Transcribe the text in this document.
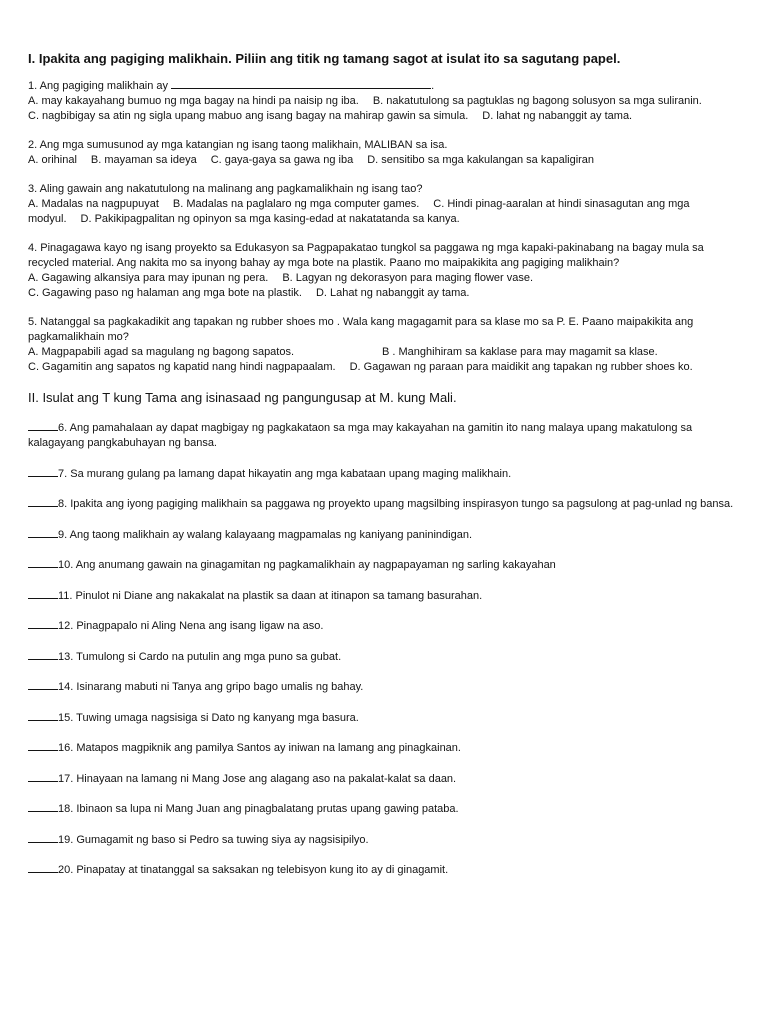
I. Ipakita ang pagiging malikhain. Piliin ang titik ng tamang sagot at isulat ito sa sagutang papel.
1. Ang pagiging malikhain ay	.
A. may kakayahang bumuo ng mga bagay na hindi pa naisip ng iba. B. nakatutulong sa pagtuklas ng bagong solusyon sa mga suliranin.
C. nagbibigay sa atin ng sigla upang mabuo ang isang bagay na mahirap gawin sa simula. D. lahat ng nabanggit ay tama.
2. Ang mga sumusunod ay mga katangian ng isang taong malikhain, MALIBAN sa isa.
A. orihinal B. mayaman sa ideya C. gaya-gaya sa gawa ng iba D. sensitibo sa mga kakulangan sa kapaligiran
3. Aling gawain ang nakatutulong na malinang ang pagkamalikhain ng isang tao?
A. Madalas na nagpupuyat B. Madalas na paglalaro ng mga computer games. C. Hindi pinag-aaralan at hindi sinasagutan ang mga modyul. D. Pakikipagpalitan ng opinyon sa mga kasing-edad at nakatatanda sa kanya.
4. Pinagagawa kayo ng isang proyekto sa Edukasyon sa Pagpapakatao tungkol sa paggawa ng mga kapaki-pakinabang na bagay mula sa recycled material. Ang nakita mo sa inyong bahay ay mga bote na plastik. Paano mo maipakikita ang pagiging malikhain?
A. Gagawing alkansiya para may ipunan ng pera. B. Lagyan ng dekorasyon para maging flower vase.
C. Gagawing paso ng halaman ang mga bote na plastik. D. Lahat ng nabanggit ay tama.
5. Natanggal sa pagkakadikit ang tapakan ng rubber shoes mo . Wala kang magagamit para sa klase mo sa P. E. Paano maipakikita ang pagkamalikhain mo?
A. Magpapabili agad sa magulang ng bagong sapatos.	B . Manghihiram sa kaklase para may magamit sa klase.
C. Gagamitin ang sapatos ng kapatid nang hindi nagpapaalam. D. Gagawan ng paraan para maidikit ang tapakan ng rubber shoes ko.
II. Isulat ang T kung Tama ang isinasaad ng pangungusap at M. kung Mali.
6. Ang pamahalaan ay dapat magbigay ng pagkakataon sa mga may kakayahan na gamitin ito nang malaya upang makatulong sa kalagayang pangkabuhayan ng bansa.
7. Sa murang gulang pa lamang dapat hikayatin ang mga kabataan upang maging malikhain.
8. Ipakita ang iyong pagiging malikhain sa paggawa ng proyekto upang magsilbing inspirasyon tungo sa pagsulong at pag-unlad ng bansa.
9. Ang taong malikhain ay walang kalayaang magpamalas ng kaniyang paninindigan.
10. Ang anumang gawain na ginagamitan ng pagkamalikhain ay nagpapayaman ng sarling kakayahan
11. Pinulot ni Diane ang nakakalat na plastik sa daan at itinapon sa tamang basurahan.
12. Pinagpapalo ni Aling Nena ang isang ligaw na aso.
13. Tumulong si Cardo na putulin ang mga puno sa gubat.
14. Isinarang mabuti ni Tanya ang gripo bago umalis ng bahay.
15. Tuwing umaga nagsisiga si Dato ng kanyang mga basura.
16. Matapos magpiknik ang pamilya Santos ay iniwan na lamang ang pinagkainan.
17. Hinayaan na lamang ni Mang Jose ang alagang aso na pakalat-kalat sa daan.
18. Ibinaon sa lupa ni Mang Juan ang pinagbalatang prutas upang gawing pataba.
19. Gumagamit ng baso si Pedro sa tuwing siya ay nagsisipilyo.
20. Pinapatay at tinatanggal sa saksakan ng telebisyon kung ito ay di ginagamit.
